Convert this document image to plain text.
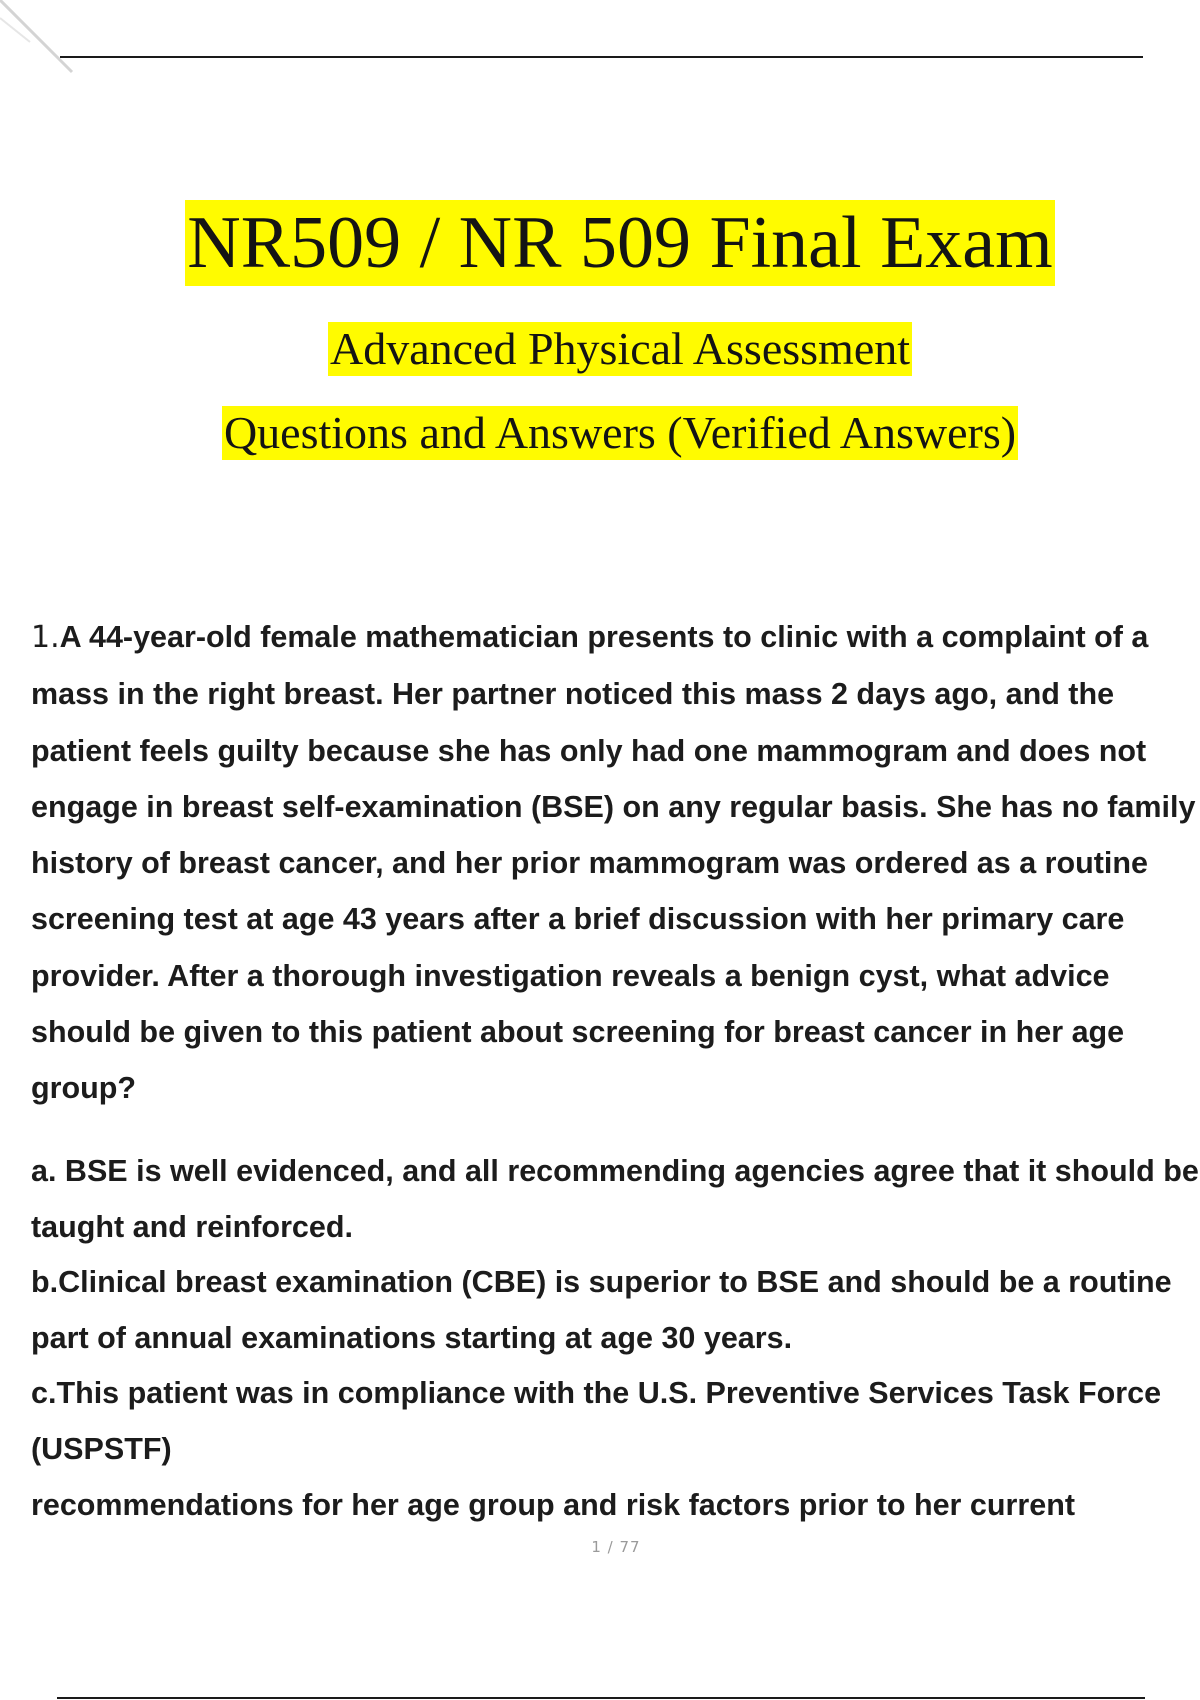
NR509 / NR 509 Final Exam
Advanced Physical Assessment
Questions and Answers (Verified Answers)
1.A 44-year-old female mathematician presents to clinic with a complaint of a mass in the right breast. Her partner noticed this mass 2 days ago, and the patient feels guilty because she has only had one mammogram and does not engage in breast self-examination (BSE) on any regular basis. She has no family history of breast cancer, and her prior mammogram was ordered as a routine screening test at age 43 years after a brief discussion with her primary care provider. After a thorough investigation reveals a benign cyst, what advice should be given to this patient about screening for breast cancer in her age group?

a. BSE is well evidenced, and all recommending agencies agree that it should be taught and reinforced.

b.Clinical breast examination (CBE) is superior to BSE and should be a routine part of annual examinations starting at age 30 years.

c.This patient was in compliance with the U.S. Preventive Services Task Force (USPSTF)

recommendations for her age group and risk factors prior to her current

1 / 77
